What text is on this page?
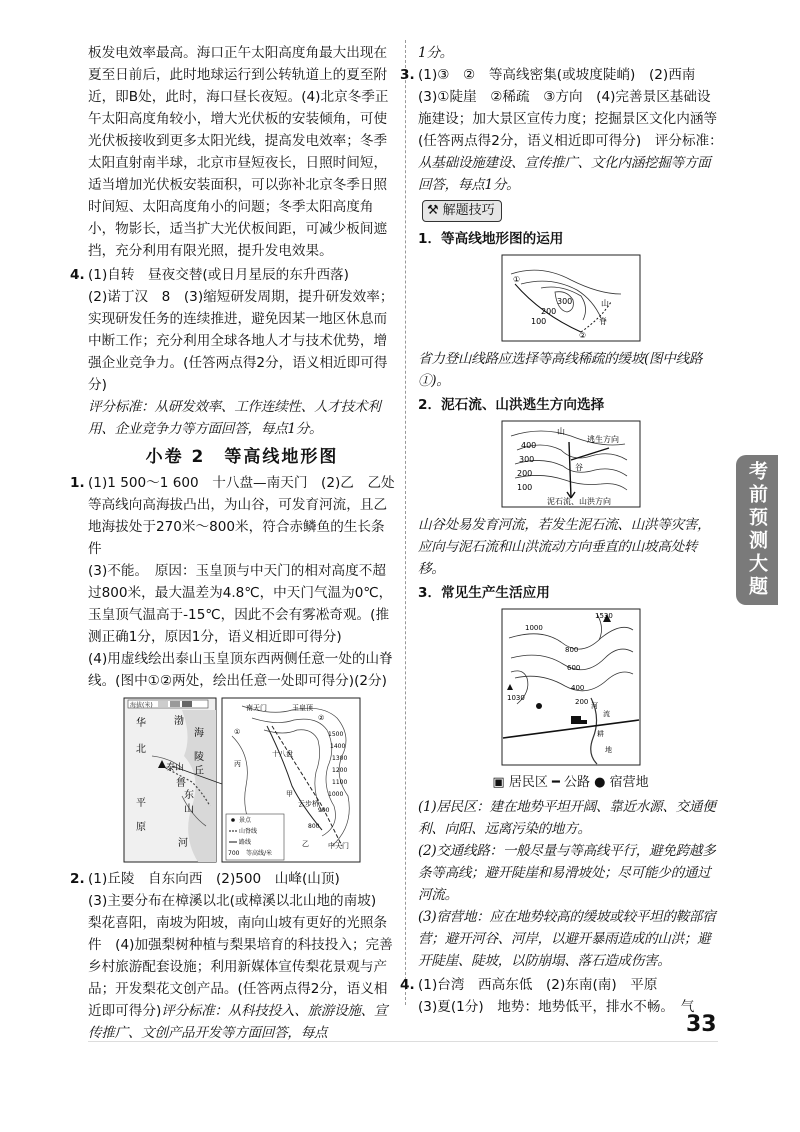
板发电效率最高。海口正午太阳高度角最大出现在夏至日前后，此时地球运行到公转轨道上的夏至附近，即B处，此时，海口昼长夜短。(4)北京冬季正午太阳高度角较小，增大光伏板的安装倾角，可使光伏板接收到更多太阳光线，提高发电效率；冬季太阳直射南半球，北京市昼短夜长，日照时间短，适当增加光伏板安装面积，可以弥补北京冬季日照时间短、太阳高度角小的问题；冬季太阳高度角小，物影长，适当扩大光伏板间距，可减少板间遮挡，充分利用有限光照，提升发电效果。

4. (1)自转　昼夜交替(或日月星辰的东升西落)

(2)诺丁汉　8　(3)缩短研发周期，提升研发效率；实现研发任务的连续推进，避免因某一地区休息而中断工作；充分利用全球各地人才与技术优势，增强企业竞争力。(任答两点得2分，语义相近即可得分)

评分标准：从研发效率、工作连续性、人才技术利用、企业竞争力等方面回答，每点1分。

小卷 2　等高线地形图

1. (1)1 500～1 600　十八盘—南天门　(2)乙　乙处等高线向高海拔凸出，为山谷，可发育河流，且乙地海拔处于270米～800米，符合赤鳞鱼的生长条件

(3)不能。　原因：玉皇顶与中天门的相对高度不超过800米，最大温差为4.8℃，中天门气温为0℃，玉皇顶气温高于-15℃，因此不会有雾凇奇观。(推测正确1分，原因1分，语义相近即可得分)

(4)用虚线绘出泰山玉皇顶东西两侧任意一处的山脊线。(图中①②两处，绘出任意一处即可得分)(2分)

海拔(米)
华
北
平
原
渤
海
陵
丘
鲁
东
山
河
泰山
南天门	玉皇顶
①
②
1500
1400
1300
1200
1100
1000
900
800
十八盘
丙
甲
云步桥
乙	中天门
景点
山脊线
路线
700 等高线/米

2. (1)丘陵　自东向西　(2)500　山峰(山顶)

(3)主要分布在樟溪以北(或樟溪以北山地的南坡)　梨花喜阳，南坡为阳坡，南向山坡有更好的光照条件　(4)加强梨树种植与梨果培育的科技投入；完善乡村旅游配套设施；利用新媒体宣传梨花景观与产品；开发梨花文创产品。(任答两点得2分，语义相近即可得分)评分标准：从科技投入、旅游设施、宣传推广、文创产品开发等方面回答，每点

1分。

3. (1)③　②　等高线密集(或坡度陡峭)　(2)西南

(3)①陡崖　②稀疏　③方向　(4)完善景区基础设施建设；加大景区宣传力度；挖掘景区文化内涵等(任答两点得2分，语义相近即可得分)　评分标准：从基础设施建设、宣传推广、文化内涵挖掘等方面回答，每点1分。

⚒ 解题技巧

1．等高线地形图的运用

①
②
300
200
100
山
脊

省力登山线路应选择等高线稀疏的缓坡(图中线路①)。

2．泥石流、山洪逃生方向选择

山
谷
逃生方向
400
300
200
100
泥石流、山洪方向

山谷处易发育河流，若发生泥石流、山洪等灾害，应向与泥石流和山洪流动方向垂直的山坡高处转移。

3．常见生产生活应用

1530
1000
800
600
400
200
1030
河
流
耕
地

▣ 居民区 ━ 公路 ● 宿营地

(1)居民区：建在地势平坦开阔、靠近水源、交通便利、向阳、远离污染的地方。

(2)交通线路：一般尽量与等高线平行，避免跨越多条等高线；避开陡崖和易滑坡处；尽可能少的通过河流。

(3)宿营地：应在地势较高的缓坡或较平坦的鞍部宿营；避开河谷、河岸，以避开暴雨造成的山洪；避开陡崖、陡坡，以防崩塌、落石造成伤害。

4. (1)台湾　西高东低　(2)东南(南)　平原

(3)夏(1分)　地势：地势低平，排水不畅。　气

考前预测大题
33
